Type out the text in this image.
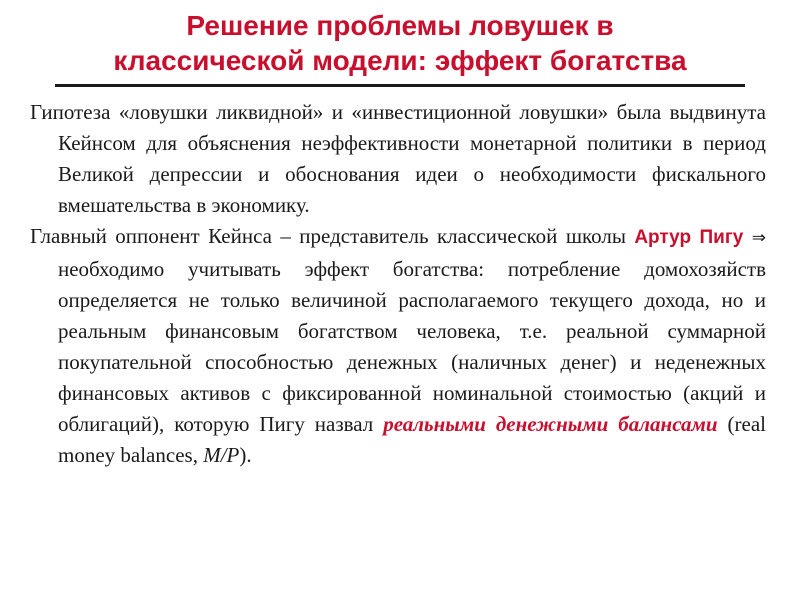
Решение проблемы ловушек в
классической модели: эффект богатства
Гипотеза «ловушки ликвидной» и «инвестиционной ловушки» была выдвинута Кейнсом для объяснения неэффективности монетарной политики в период Великой депрессии и обоснования идеи о необходимости фискального вмешательства в экономику.
Главный оппонент Кейнса – представитель классической школы Артур Пигу ⇒ необходимо учитывать эффект богатства: потребление домохозяйств определяется не только величиной располагаемого текущего дохода, но и реальным финансовым богатством человека, т.е. реальной суммарной покупательной способностью денежных (наличных денег) и неденежных финансовых активов с фиксированной номинальной стоимостью (акций и облигаций), которую Пигу назвал реальными денежными балансами (real money balances, M/P).
